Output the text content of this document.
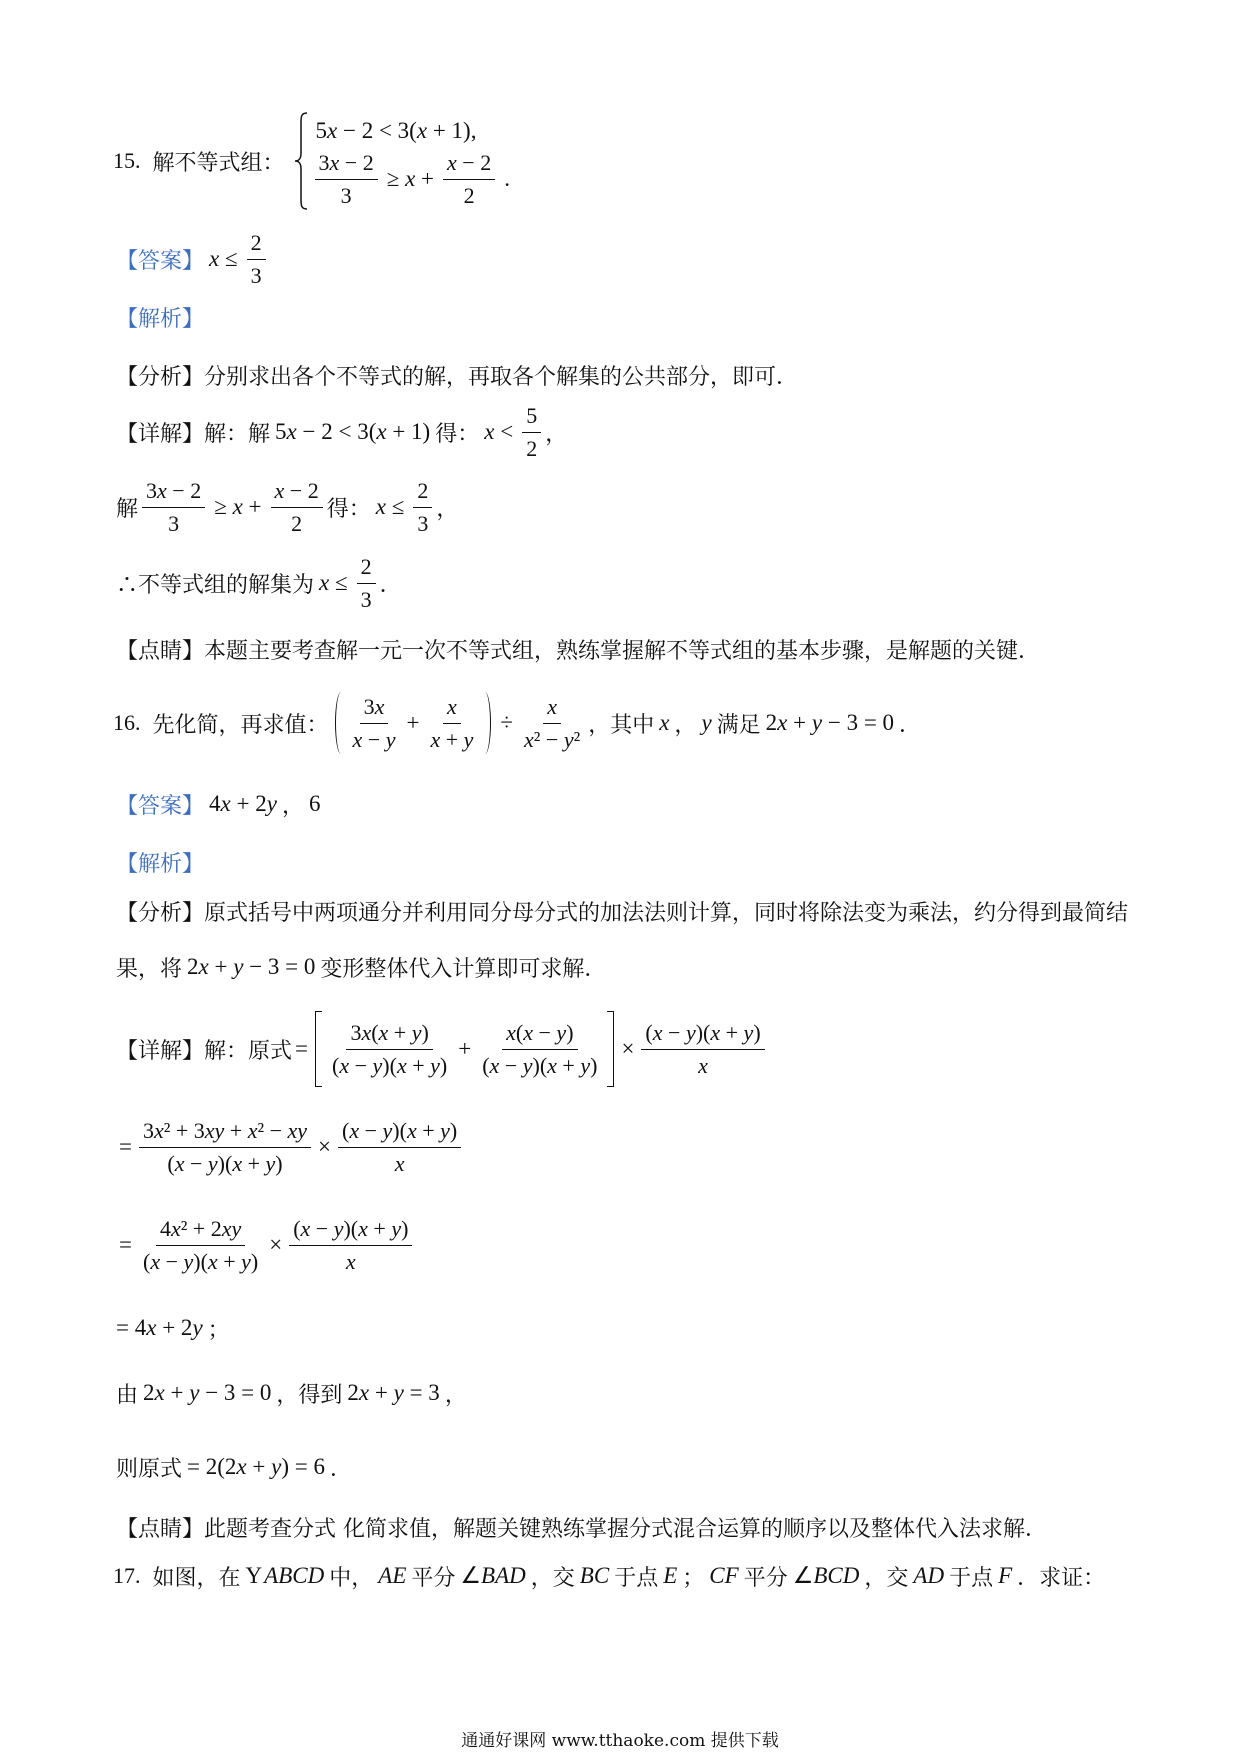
15. 解不等式组：
5x − 2 < 3(x + 1),
$\frac{3x - 2}{3} \ge x + \frac{x - 2}{2}$ .
【答案】 $x \le \frac{2}{3}$
【解析】
【分析】 分别求出各个不等式的解，再取各个解集的公共部分，即可．
【详解】 解：解 5x − 2 < 3(x + 1) 得： $x < \frac{5}{2}$ ，
解 $\frac{3x - 2}{3} \ge x + \frac{x - 2}{2}$ 得： $x \le \frac{2}{3}$ ，
∴不等式组的解集为 $x \le \frac{2}{3}$ ．
【点睛】 本题主要考查解一元一次不等式组，熟练掌握解不等式组的基本步骤，是解题的关键．
16. 先化简，再求值： $\frac{3x}{x - y} + \frac{x}{x + y} \div \frac{x}{\text{x² − y²}}$ ，其中 x ， y 满足 2x + y − 3 = 0 ．
【答案】 4x + 2y ， 6
【解析】
【分析】 原式括号中两项通分并利用同分母分式的加法法则计算，同时将除法变为乘法，约分得到最简结
果，将 2x + y − 3 = 0 变形整体代入计算即可求解．
【详解】 解：原式 = $\frac{3x(x + y)}{(x - y)(x + y)} + \frac{x(x - y)}{(x - y)(x + y)} \times \frac{(x - y)(x + y)}{x}$
= $\frac{\text{3x² + 3xy + x² − xy}}{(x - y)(x + y)} \times \frac{(x - y)(x + y)}{x}$
= $\frac{\text{4x² + 2xy}}{(x - y)(x + y)} \times \frac{(x - y)(x + y)}{x}$
= 4x + 2y ；
由 2x + y − 3 = 0 ，得到 2x + y = 3 ，
则原式 = 2(2x + y) = 6 ．
【点睛】 此题考查分式 化简求值，解题关键熟练掌握分式混合运算的顺序以及整体代入法求解．
17. 如图，在 Y ABCD 中， AE 平分 ∠BAD ，交 BC 于点 E ； CF 平分 ∠BCD ，交 AD 于点 F ．求证：
通通好课网 www.tthaoke.com 提供下载
